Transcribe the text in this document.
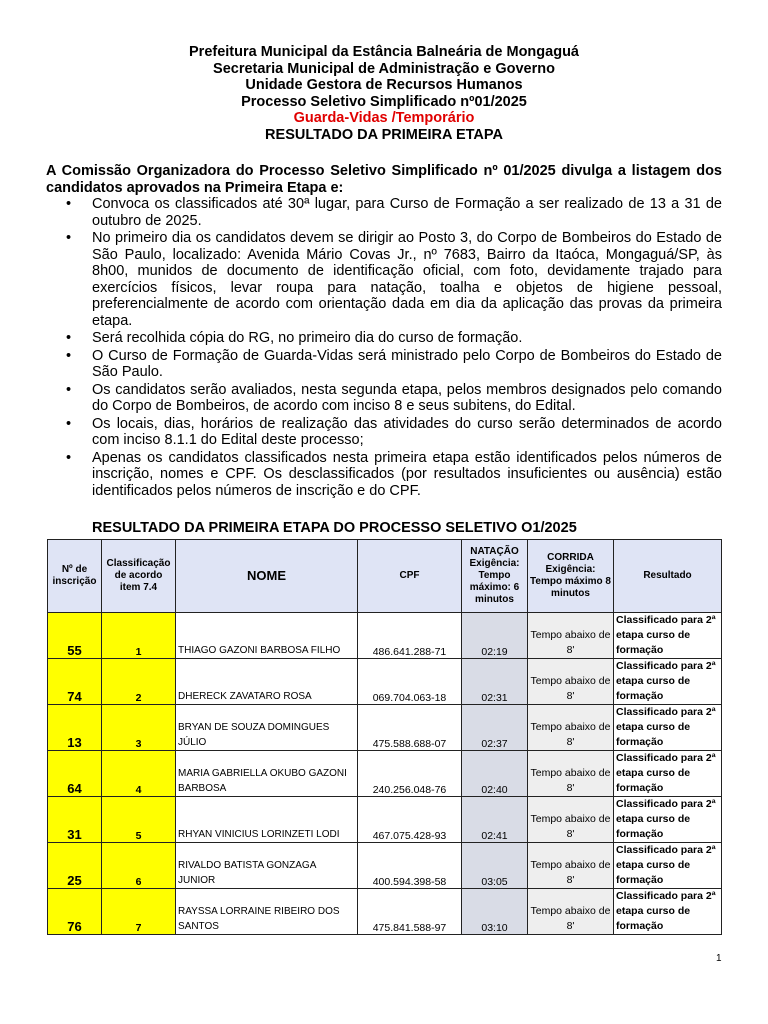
Prefeitura Municipal da Estância Balneária de Mongaguá
Secretaria Municipal de Administração e Governo
Unidade Gestora de Recursos Humanos
Processo Seletivo Simplificado nº01/2025
Guarda-Vidas /Temporário
RESULTADO DA PRIMEIRA ETAPA
A Comissão Organizadora do Processo Seletivo Simplificado nº 01/2025 divulga a listagem dos candidatos aprovados na Primeira Etapa e:
• Convoca os classificados até 30ª lugar, para Curso de Formação a ser realizado de 13 a 31 de outubro de 2025.
• No primeiro dia os candidatos devem se dirigir ao Posto 3, do Corpo de Bombeiros do Estado de São Paulo, localizado: Avenida Mário Covas Jr., nº 7683, Bairro da Itaóca, Mongaguá/SP, às 8h00, munidos de documento de identificação oficial, com foto, devidamente trajado para exercícios físicos, levar roupa para natação, toalha e objetos de higiene pessoal, preferencialmente de acordo com orientação dada em dia da aplicação das provas da primeira etapa.
• Será recolhida cópia do RG, no primeiro dia do curso de formação.
• O Curso de Formação de Guarda-Vidas será ministrado pelo Corpo de Bombeiros do Estado de São Paulo.
• Os candidatos serão avaliados, nesta segunda etapa, pelos membros designados pelo comando do Corpo de Bombeiros, de acordo com inciso 8 e seus subitens, do Edital.
• Os locais, dias, horários de realização das atividades do curso serão determinados de acordo com inciso 8.1.1 do Edital deste processo;
• Apenas os candidatos classificados nesta primeira etapa estão identificados pelos números de inscrição, nomes e CPF. Os desclassificados (por resultados insuficientes ou ausência) estão identificados pelos números de inscrição e do CPF.
RESULTADO DA PRIMEIRA ETAPA DO PROCESSO SELETIVO O1/2025
Nº de inscrição	Classificação de acordo item 7.4	NOME	CPF	NATAÇÃO Exigência: Tempo máximo: 6 minutos	CORRIDA Exigência: Tempo máximo 8 minutos	Resultado
55	1	THIAGO GAZONI BARBOSA FILHO	486.641.288-71	02:19	Tempo abaixo de 8'	Classificado para 2ª etapa curso de formação
74	2	DHERECK ZAVATARO ROSA	069.704.063-18	02:31	Tempo abaixo de 8'	Classificado para 2ª etapa curso de formação
13	3	BRYAN DE SOUZA DOMINGUES JÚLIO	475.588.688-07	02:37	Tempo abaixo de 8'	Classificado para 2ª etapa curso de formação
64	4	MARIA GABRIELLA OKUBO GAZONI BARBOSA	240.256.048-76	02:40	Tempo abaixo de 8'	Classificado para 2ª etapa curso de formação
31	5	RHYAN VINICIUS LORINZETI LODI	467.075.428-93	02:41	Tempo abaixo de 8'	Classificado para 2ª etapa curso de formação
25	6	RIVALDO BATISTA GONZAGA JUNIOR	400.594.398-58	03:05	Tempo abaixo de 8'	Classificado para 2ª etapa curso de formação
76	7	RAYSSA LORRAINE RIBEIRO DOS SANTOS	475.841.588-97	03:10	Tempo abaixo de 8'	Classificado para 2ª etapa curso de formação
1
